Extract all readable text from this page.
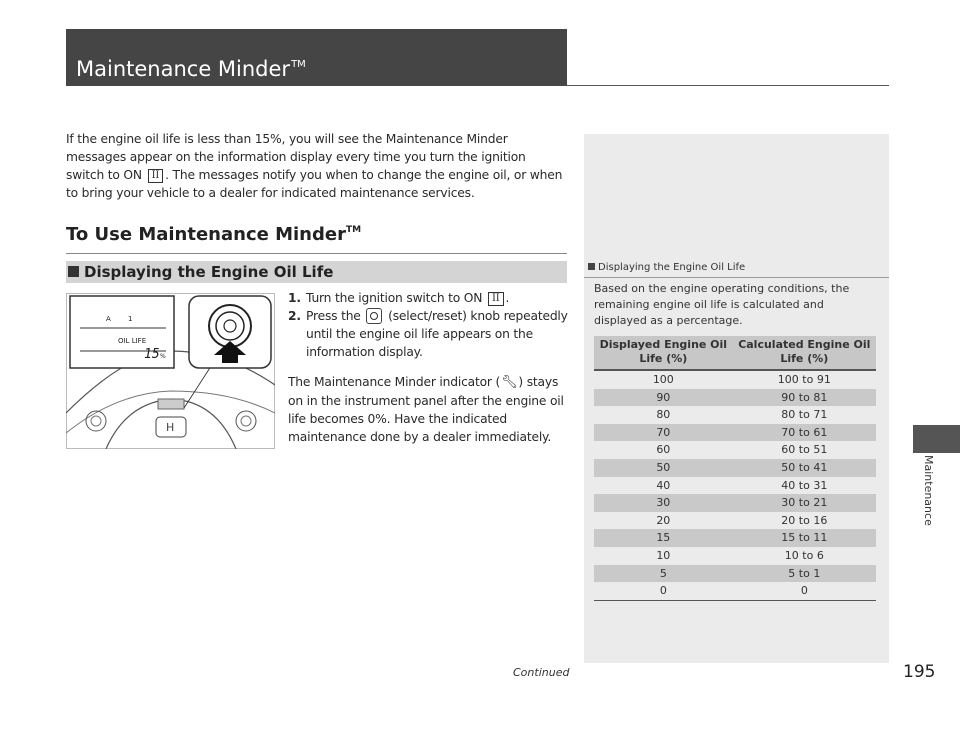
Maintenance Minder™
If the engine oil life is less than 15%, you will see the Maintenance Minder messages appear on the information display every time you turn the ignition switch to ON II . The messages notify you when to change the engine oil, or when to bring your vehicle to a dealer for indicated maintenance services.
To Use Maintenance Minder™
Displaying the Engine Oil Life
H
A 1
OIL LIFE
15 %
1. Turn the ignition switch to ON II .
2. Press the (select/reset) knob repeatedly until the engine oil life appears on the information display.
The Maintenance Minder indicator (🔧︎) stays on in the instrument panel after the engine oil life becomes 0%. Have the indicated maintenance done by a dealer immediately.
Displaying the Engine Oil Life
Based on the engine operating conditions, the remaining engine oil life is calculated and displayed as a percentage.
Displayed Engine Oil Life (%)	Calculated Engine Oil Life (%)
100	100 to 91
90	90 to 81
80	80 to 71
70	70 to 61
60	60 to 51
50	50 to 41
40	40 to 31
30	30 to 21
20	20 to 16
15	15 to 11
10	10 to 6
5	5 to 1
0	0
Maintenance
Continued	195
